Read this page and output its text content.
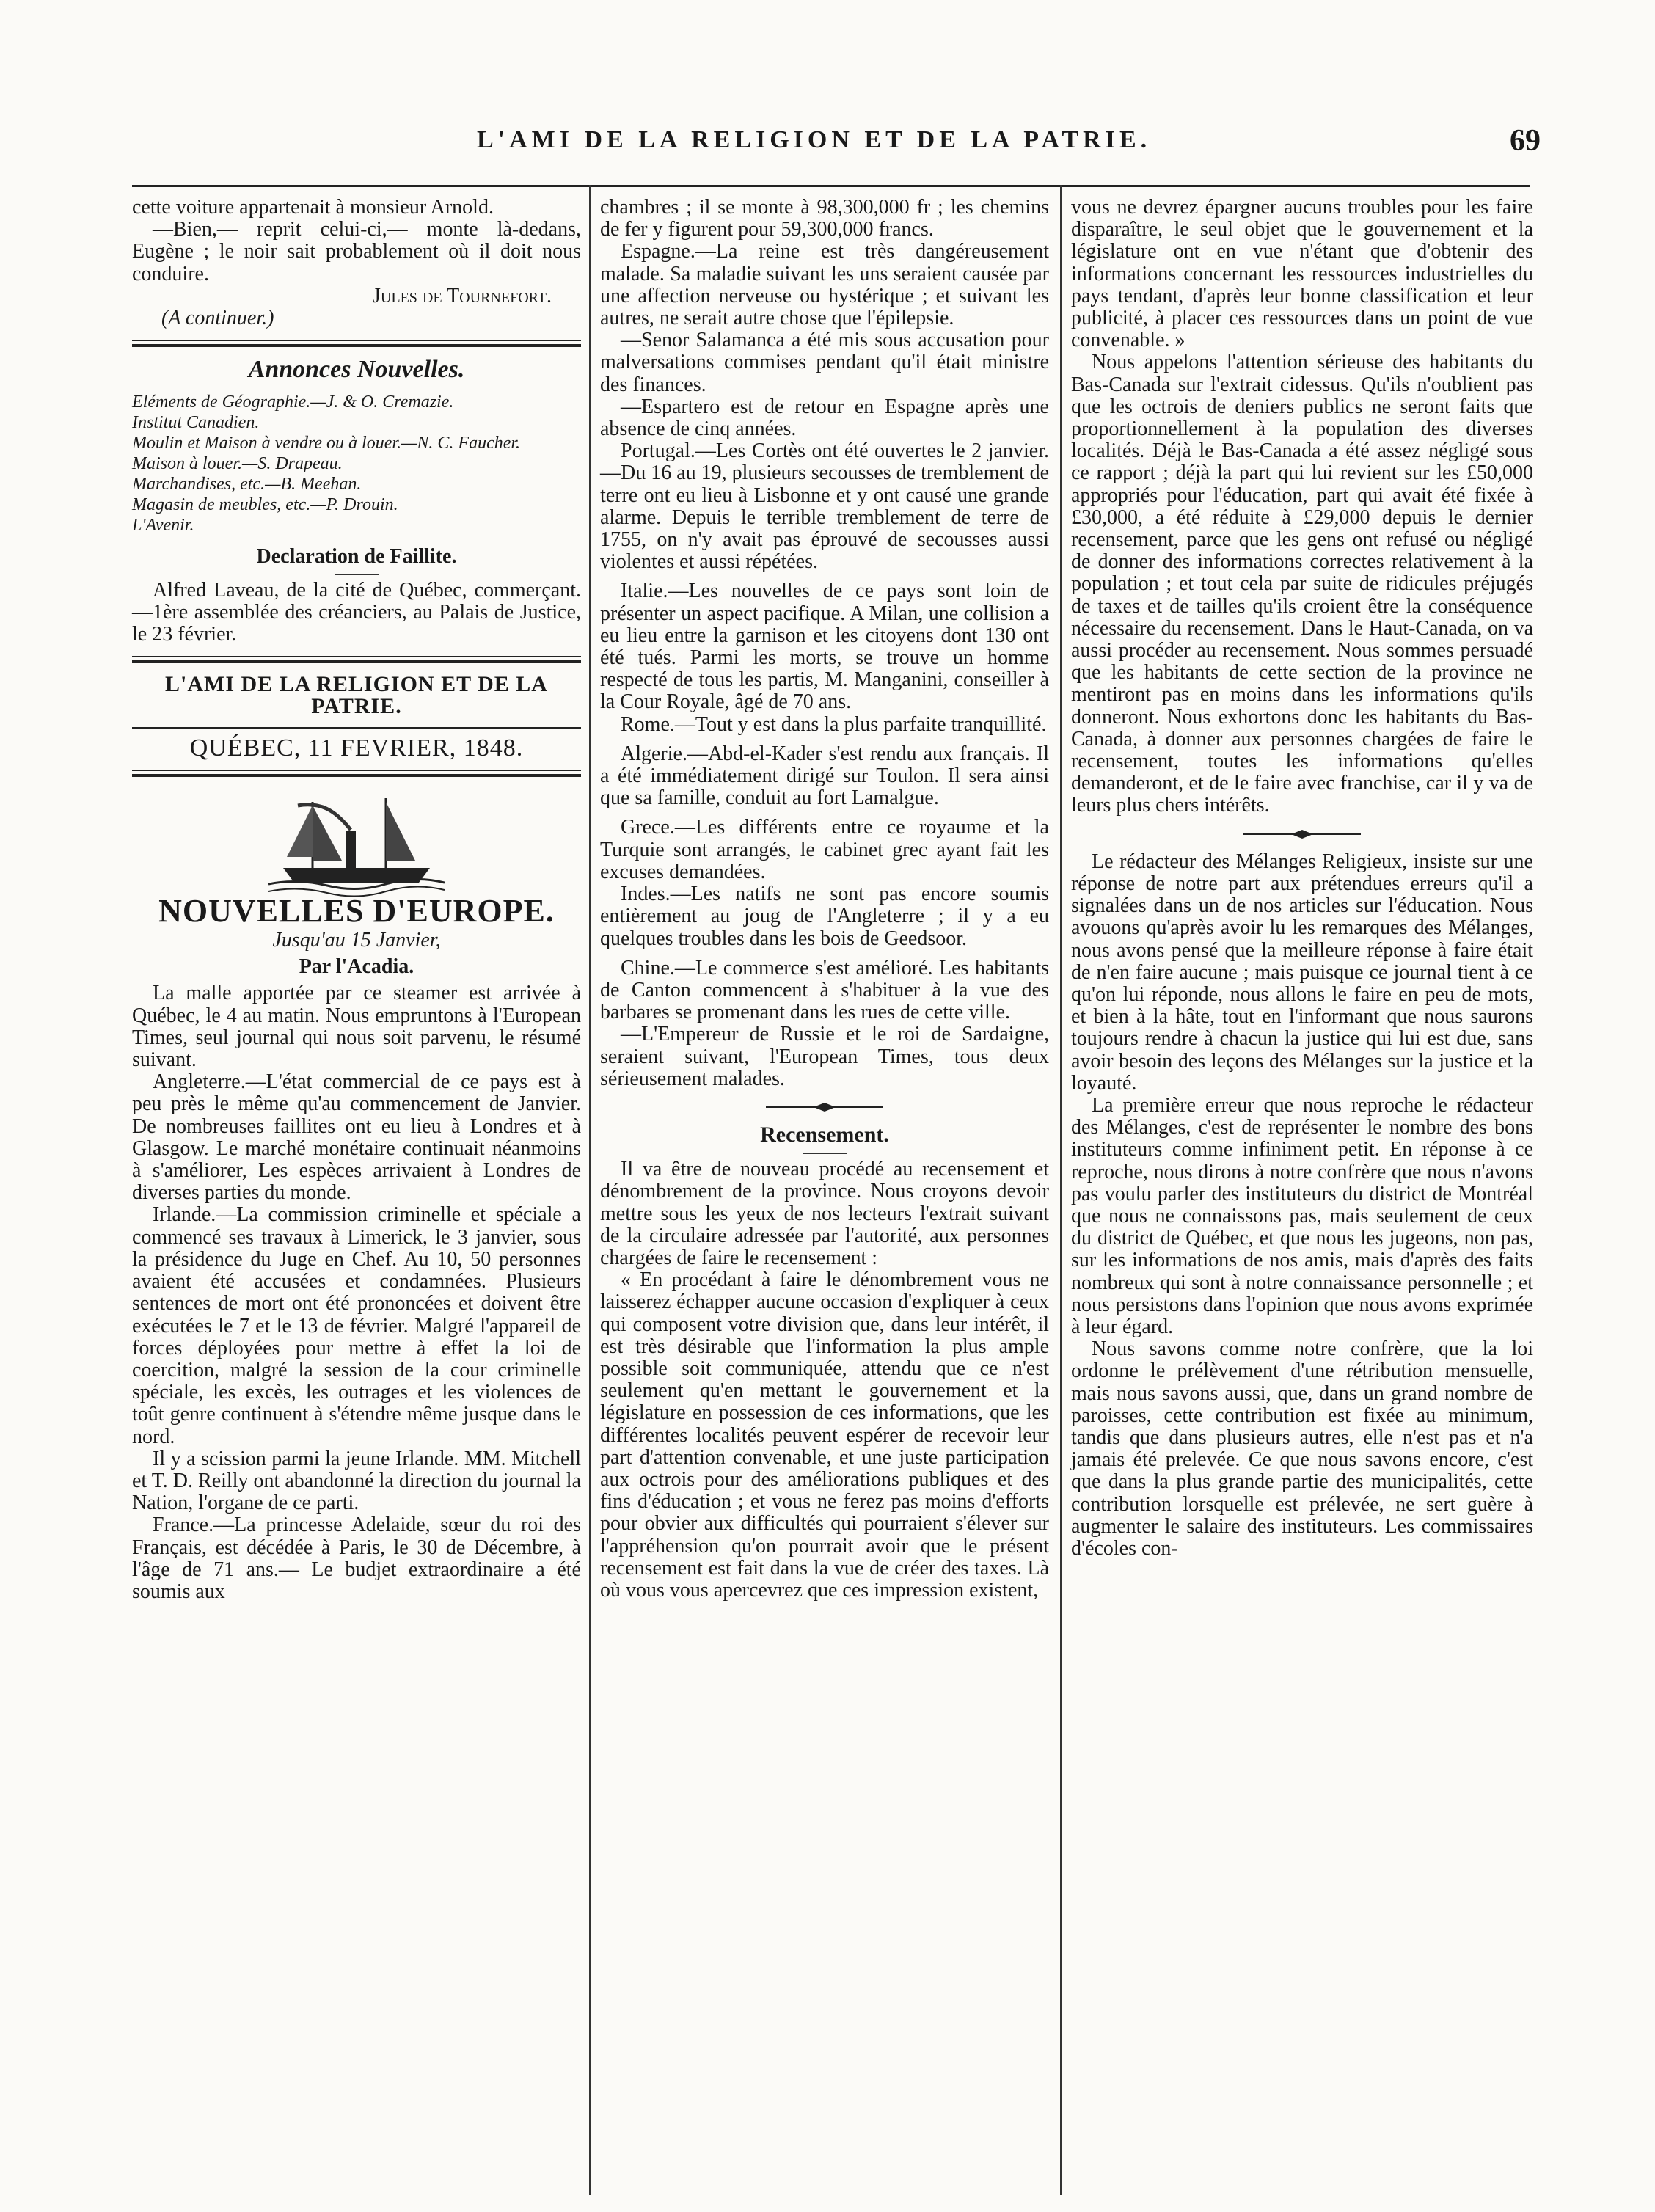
L'AMI DE LA RELIGION ET DE LA PATRIE.	69

cette voiture appartenait à monsieur Arnold.

—Bien,— reprit celui-ci,— monte là-dedans, Eugène ; le noir sait probablement où il doit nous conduire.

Jules de Tournefort.

(A continuer.)

Annonces Nouvelles.

Eléments de Géographie.—J. & O. Cremazie.

Institut Canadien.

Moulin et Maison à vendre ou à louer.—N. C. Faucher.

Maison à louer.—S. Drapeau.

Marchandises, etc.—B. Meehan.

Magasin de meubles, etc.—P. Drouin.

L'Avenir.

Declaration de Faillite.

Alfred Laveau, de la cité de Québec, commerçant.—1ère assemblée des créanciers, au Palais de Justice, le 23 février.

L'AMI DE LA RELIGION ET DE LA PATRIE.
QUÉBEC, 11 FEVRIER, 1848.
NOUVELLES D'EUROPE.

Jusqu'au 15 Janvier,

Par l'Acadia.

La malle apportée par ce steamer est arrivée à Québec, le 4 au matin. Nous empruntons à l'European Times, seul journal qui nous soit parvenu, le résumé suivant.

Angleterre.—L'état commercial de ce pays est à peu près le même qu'au commencement de Janvier. De nombreuses faillites ont eu lieu à Londres et à Glasgow. Le marché monétaire continuait néanmoins à s'améliorer, Les espèces arrivaient à Londres de diverses parties du monde.

Irlande.—La commission criminelle et spéciale a commencé ses travaux à Limerick, le 3 janvier, sous la présidence du Juge en Chef. Au 10, 50 personnes avaient été accusées et condamnées. Plusieurs sentences de mort ont été prononcées et doivent être exécutées le 7 et le 13 de février. Malgré l'appareil de forces déployées pour mettre à effet la loi de coercition, malgré la session de la cour criminelle spéciale, les excès, les outrages et les violences de toût genre continuent à s'étendre même jusque dans le nord.

Il y a scission parmi la jeune Irlande. MM. Mitchell et T. D. Reilly ont abandonné la direction du journal la Nation, l'organe de ce parti.

France.—La princesse Adelaide, sœur du roi des Français, est décédée à Paris, le 30 de Décembre, à l'âge de 71 ans.— Le budjet extraordinaire a été soumis aux

chambres ; il se monte à 98,300,000 fr ; les chemins de fer y figurent pour 59,300,000 francs.

Espagne.—La reine est très dangéreusement malade. Sa maladie suivant les uns seraient causée par une affection nerveuse ou hystérique ; et suivant les autres, ne serait autre chose que l'épilepsie.

—Senor Salamanca a été mis sous accusation pour malversations commises pendant qu'il était ministre des finances.

—Espartero est de retour en Espagne après une absence de cinq années.

Portugal.—Les Cortès ont été ouvertes le 2 janvier.—Du 16 au 19, plusieurs secousses de tremblement de terre ont eu lieu à Lisbonne et y ont causé une grande alarme. Depuis le terrible tremblement de terre de 1755, on n'y avait pas éprouvé de secousses aussi violentes et aussi répétées.

Italie.—Les nouvelles de ce pays sont loin de présenter un aspect pacifique. A Milan, une collision a eu lieu entre la garnison et les citoyens dont 130 ont été tués. Parmi les morts, se trouve un homme respecté de tous les partis, M. Manganini, conseiller à la Cour Royale, âgé de 70 ans.

Rome.—Tout y est dans la plus parfaite tranquillité.

Algerie.—Abd-el-Kader s'est rendu aux français. Il a été immédiatement dirigé sur Toulon. Il sera ainsi que sa famille, conduit au fort Lamalgue.

Grece.—Les différents entre ce royaume et la Turquie sont arrangés, le cabinet grec ayant fait les excuses demandées.

Indes.—Les natifs ne sont pas encore soumis entièrement au joug de l'Angleterre ; il y a eu quelques troubles dans les bois de Geedsoor.

Chine.—Le commerce s'est amélioré. Les habitants de Canton commencent à s'habituer à la vue des barbares se promenant dans les rues de cette ville.

—L'Empereur de Russie et le roi de Sardaigne, seraient suivant, l'European Times, tous deux sérieusement malades.

Recensement.

Il va être de nouveau procédé au recensement et dénombrement de la province. Nous croyons devoir mettre sous les yeux de nos lecteurs l'extrait suivant de la circulaire adressée par l'autorité, aux personnes chargées de faire le recensement :

« En procédant à faire le dénombrement vous ne laisserez échapper aucune occasion d'expliquer à ceux qui composent votre division que, dans leur intérêt, il est très désirable que l'information la plus ample possible soit communiquée, attendu que ce n'est seulement qu'en mettant le gouvernement et la législature en possession de ces informations, que les différentes localités peuvent espérer de recevoir leur part d'attention convenable, et une juste participation aux octrois pour des améliorations publiques et des fins d'éducation ; et vous ne ferez pas moins d'efforts pour obvier aux difficultés qui pourraient s'élever sur l'appréhension qu'on pourrait avoir que le présent recensement est fait dans la vue de créer des taxes. Là où vous vous apercevrez que ces impression existent,

vous ne devrez épargner aucuns troubles pour les faire disparaître, le seul objet que le gouvernement et la législature ont en vue n'étant que d'obtenir des informations concernant les ressources industrielles du pays tendant, d'après leur bonne classification et leur publicité, à placer ces ressources dans un point de vue convenable. »

Nous appelons l'attention sérieuse des habitants du Bas-Canada sur l'extrait cidessus. Qu'ils n'oublient pas que les octrois de deniers publics ne seront faits que proportionnellement à la population des diverses localités. Déjà le Bas-Canada a été assez négligé sous ce rapport ; déjà la part qui lui revient sur les £50,000 appropriés pour l'éducation, part qui avait été fixée à £30,000, a été réduite à £29,000 depuis le dernier recensement, parce que les gens ont refusé ou négligé de donner des informations correctes relativement à la population ; et tout cela par suite de ridicules préjugés de taxes et de tailles qu'ils croient être la conséquence nécessaire du recensement. Dans le Haut-Canada, on va aussi procéder au recensement. Nous sommes persuadé que les habitants de cette section de la province ne mentiront pas en moins dans les informations qu'ils donneront. Nous exhortons donc les habitants du Bas-Canada, à donner aux personnes chargées de faire le recensement, toutes les informations qu'elles demanderont, et de le faire avec franchise, car il y va de leurs plus chers intérêts.

Le rédacteur des Mélanges Religieux, insiste sur une réponse de notre part aux prétendues erreurs qu'il a signalées dans un de nos articles sur l'éducation. Nous avouons qu'après avoir lu les remarques des Mélanges, nous avons pensé que la meilleure réponse à faire était de n'en faire aucune ; mais puisque ce journal tient à ce qu'on lui réponde, nous allons le faire en peu de mots, et bien à la hâte, tout en l'informant que nous saurons toujours rendre à chacun la justice qui lui est due, sans avoir besoin des leçons des Mélanges sur la justice et la loyauté.

La première erreur que nous reproche le rédacteur des Mélanges, c'est de représenter le nombre des bons instituteurs comme infiniment petit. En réponse à ce reproche, nous dirons à notre confrère que nous n'avons pas voulu parler des instituteurs du district de Montréal que nous ne connaissons pas, mais seulement de ceux du district de Québec, et que nous les jugeons, non pas, sur les informations de nos amis, mais d'après des faits nombreux qui sont à notre connaissance personnelle ; et nous persistons dans l'opinion que nous avons exprimée à leur égard.

Nous savons comme notre confrère, que la loi ordonne le prélèvement d'une rétribution mensuelle, mais nous savons aussi, que, dans un grand nombre de paroisses, cette contribution est fixée au minimum, tandis que dans plusieurs autres, elle n'est pas et n'a jamais été prelevée. Ce que nous savons encore, c'est que dans la plus grande partie des municipalités, cette contribution lorsquelle est prélevée, ne sert guère à augmenter le salaire des instituteurs. Les commissaires d'écoles con-
